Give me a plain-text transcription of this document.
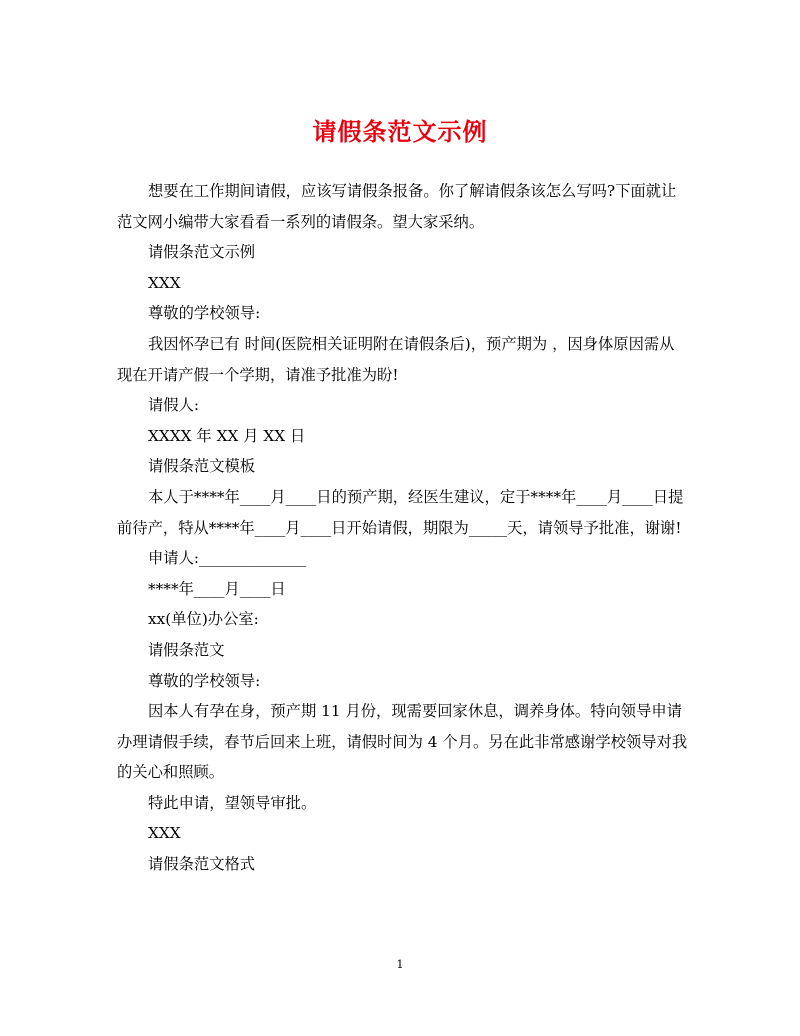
请假条范文示例

想要在工作期间请假，应该写请假条报备。你了解请假条该怎么写吗?下面就让范文网小编带大家看看一系列的请假条。望大家采纳。

请假条范文示例

XXX

尊敬的学校领导:

我因怀孕已有 时间(医院相关证明附在请假条后)，预产期为 ，因身体原因需从现在开请产假一个学期，请准予批准为盼!

请假人:

XXXX 年 XX 月 XX 日

请假条范文模板

本人于****年____月____日的预产期，经医生建议，定于****年____月____日提前待产，特从****年____月____日开始请假，期限为_____天，请领导予批准，谢谢!

申请人:______________

****年____月____日

xx(单位)办公室:

请假条范文

尊敬的学校领导:

因本人有孕在身，预产期 11 月份，现需要回家休息，调养身体。特向领导申请办理请假手续，春节后回来上班，请假时间为 4 个月。另在此非常感谢学校领导对我的关心和照顾。

特此申请，望领导审批。

XXX

请假条范文格式

1
